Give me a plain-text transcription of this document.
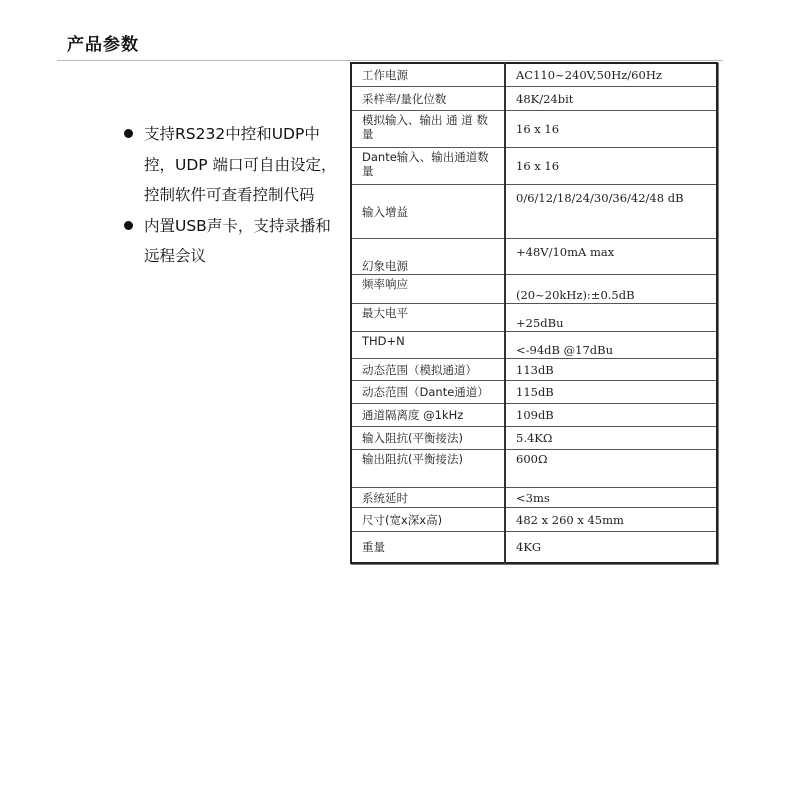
产品参数
支持RS232中控和UDP中控，UDP 端口可自由设定，控制软件可查看控制代码
内置USB声卡，支持录播和远程会议
工作电源	AC110~240V,50Hz/60Hz
采样率/量化位数	48K/24bit
模拟输入、输出 通 道 数量	16 x 16
Dante输入、输出通道数量	16 x 16
输入增益	0/6/12/18/24/30/36/42/48 dB
幻象电源	+48V/10mA max
频率响应	(20~20kHz):±0.5dB
最大电平	+25dBu
THD+N	<-94dB @17dBu
动态范围（模拟通道）	113dB
动态范围（Dante通道）	115dB
通道隔离度 @1kHz	109dB
输入阻抗(平衡接法)	5.4KΩ
输出阻抗(平衡接法)	600Ω
系统延时	<3ms
尺寸(宽x深x高)	482 x 260 x 45mm
重量	4KG
